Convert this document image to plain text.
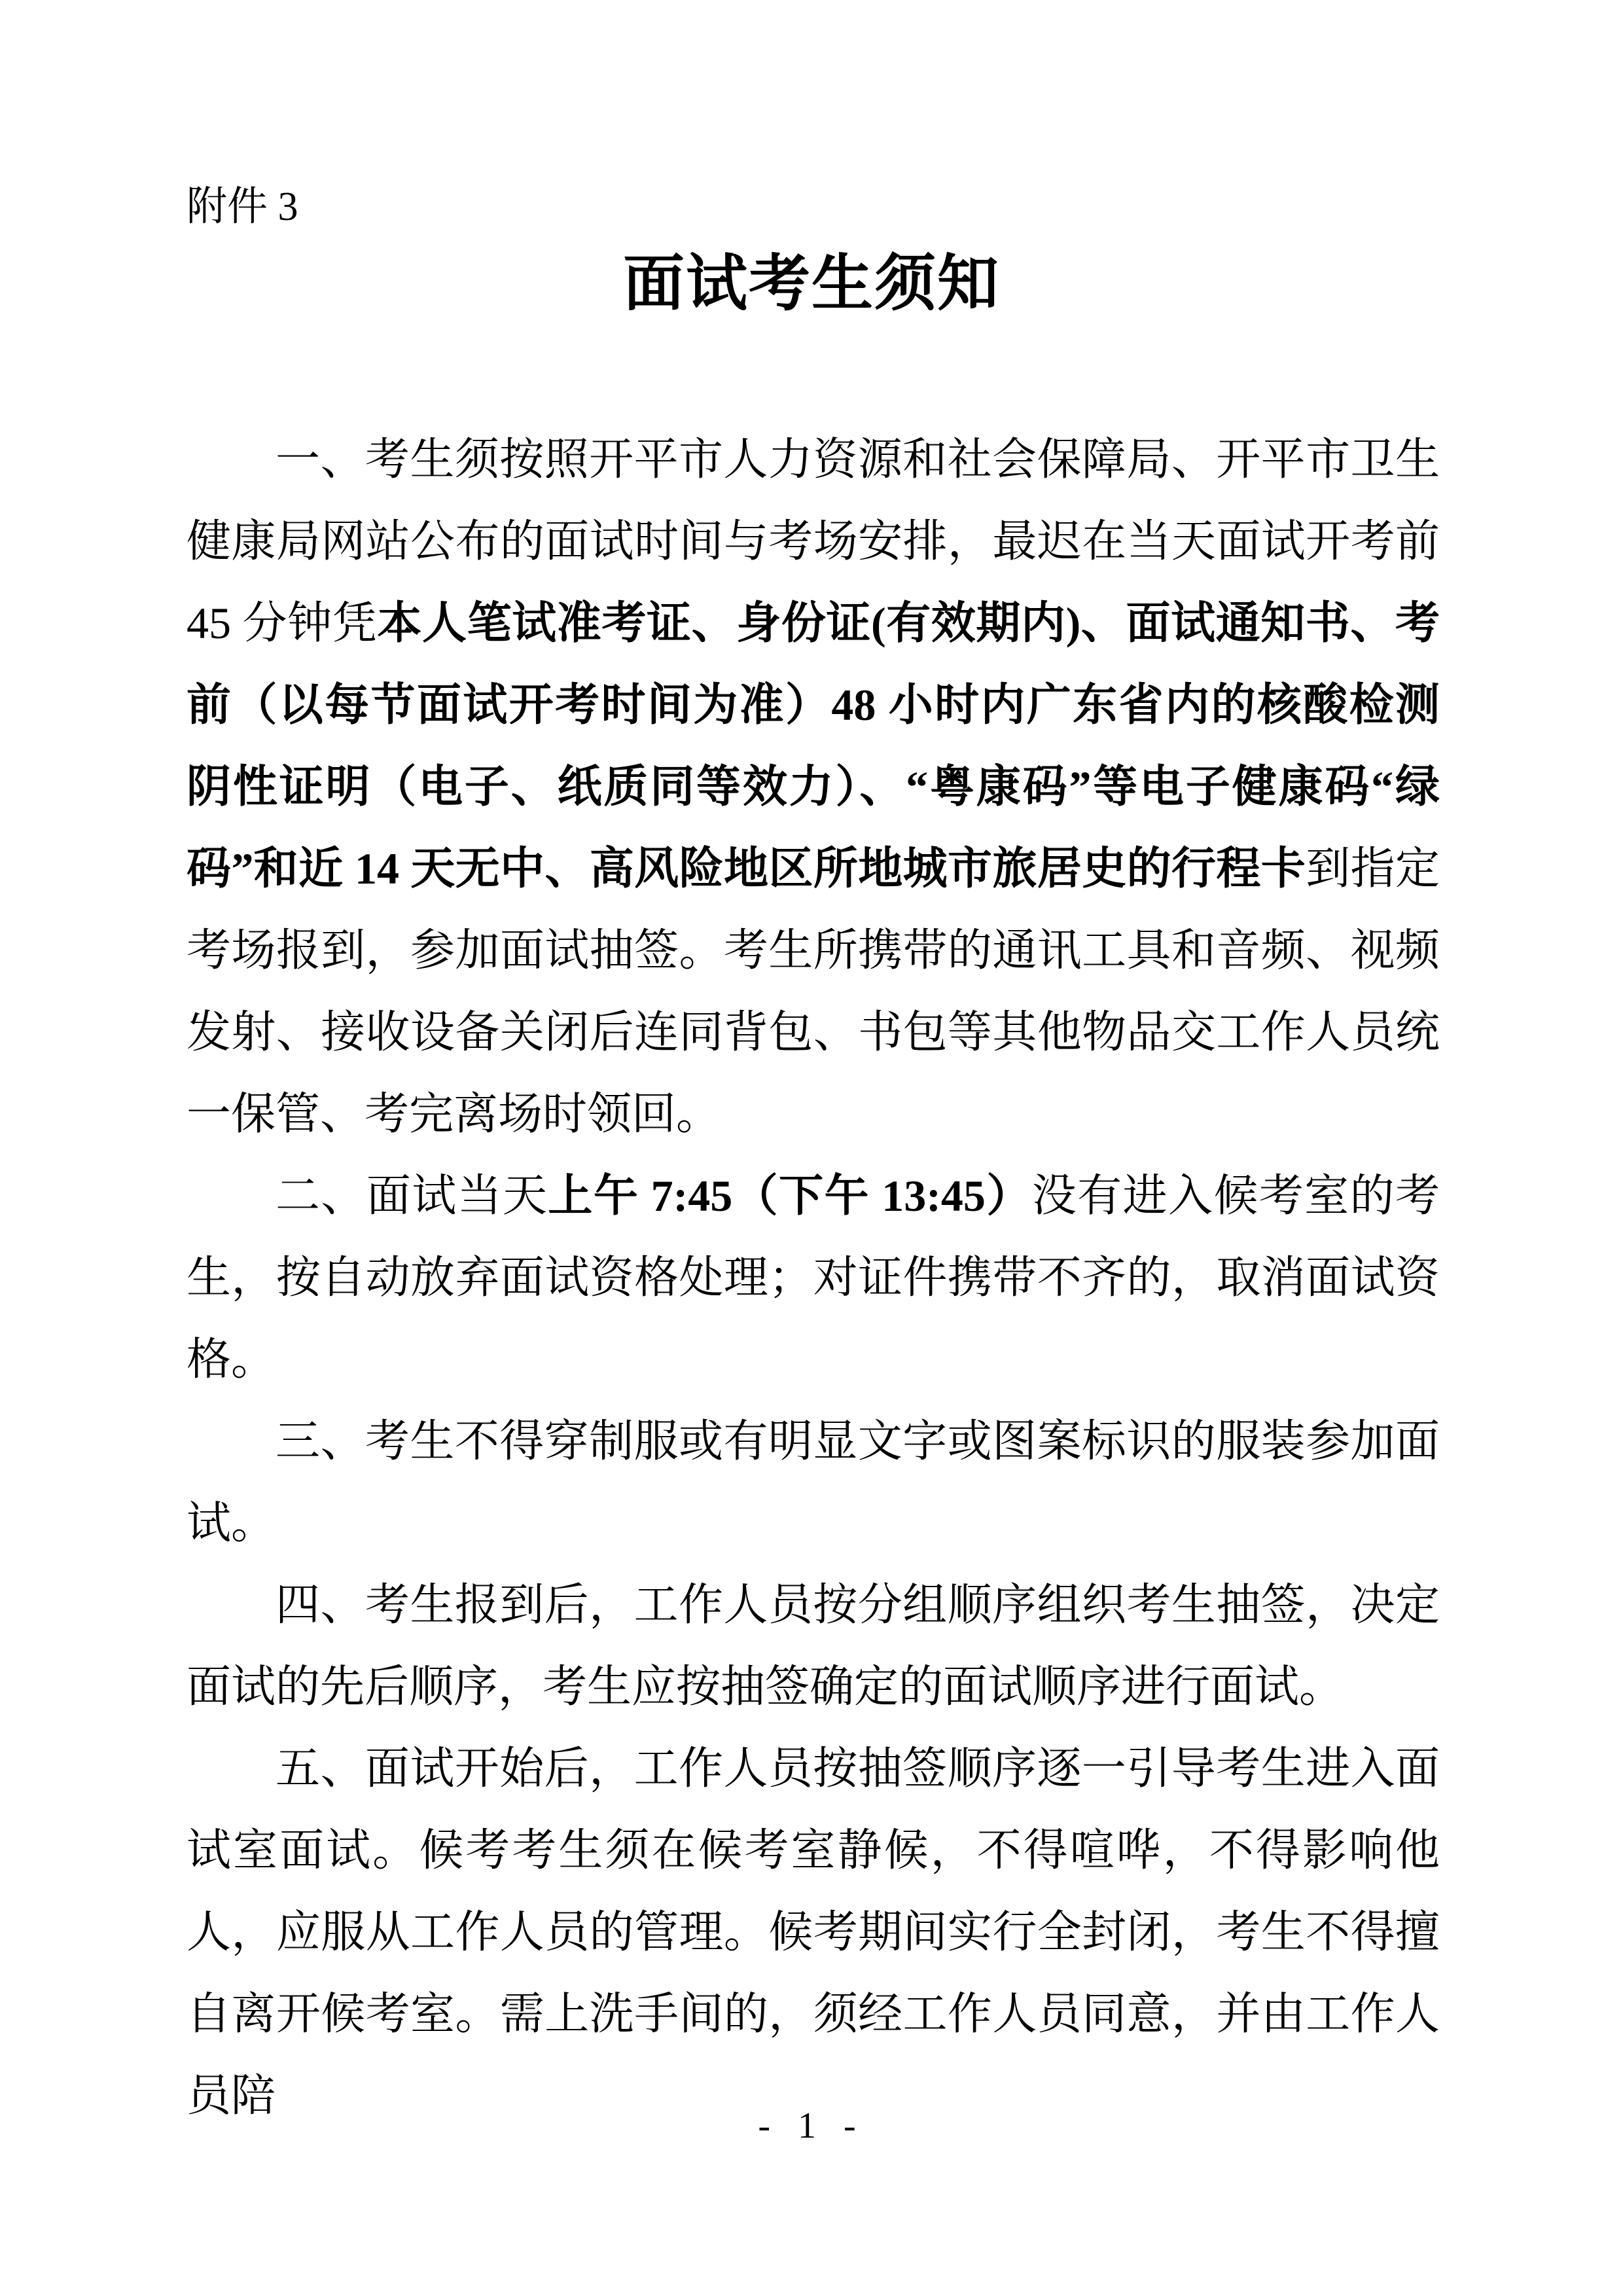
附件 3
面试考生须知

一、考生须按照开平市人力资源和社会保障局、开平市卫生健康局网站公布的面试时间与考场安排，最迟在当天面试开考前 45 分钟凭本人笔试准考证、身份证(有效期内)、面试通知书、考前（以每节面试开考时间为准）48 小时内广东省内的核酸检测阴性证明（电子、纸质同等效力）、“粤康码”等电子健康码“绿码”和近 14 天无中、高风险地区所地城市旅居史的行程卡到指定考场报到，参加面试抽签。考生所携带的通讯工具和音频、视频发射、接收设备关闭后连同背包、书包等其他物品交工作人员统一保管、考完离场时领回。

二、面试当天上午 7:45（下午 13:45）没有进入候考室的考生，按自动放弃面试资格处理；对证件携带不齐的，取消面试资格。

三、考生不得穿制服或有明显文字或图案标识的服装参加面试。

四、考生报到后，工作人员按分组顺序组织考生抽签，决定面试的先后顺序，考生应按抽签确定的面试顺序进行面试。

五、面试开始后，工作人员按抽签顺序逐一引导考生进入面试室面试。候考考生须在候考室静候，不得喧哗，不得影响他人，应服从工作人员的管理。候考期间实行全封闭，考生不得擅自离开候考室。需上洗手间的，须经工作人员同意，并由工作人员陪

- 1 -
